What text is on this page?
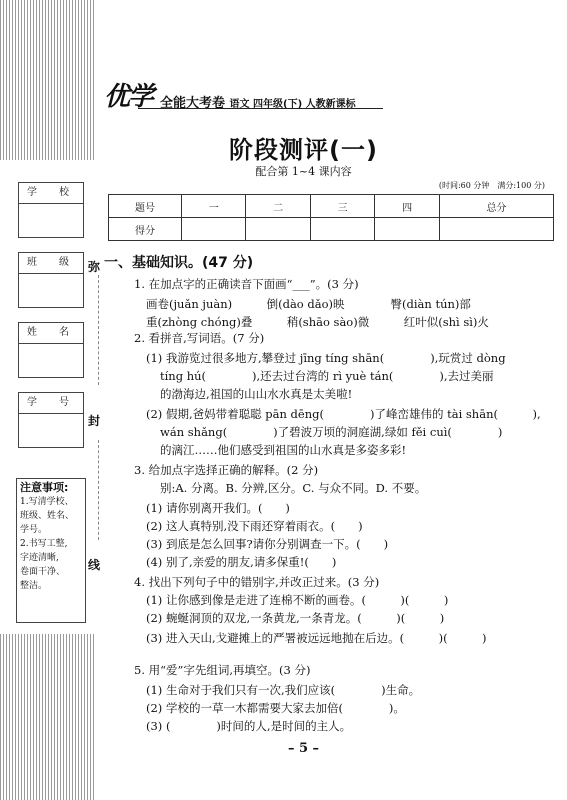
学　校
班　级
姓　名
学　号
注意事项:
1.写清学校、
班级、姓名、
学号。
2.书写工整,
字迹清晰,
卷面干净、
整洁。
弥
封
线
优学 全能大考卷 语文 四年级(下) 人教新课标
阶段测评(一)
配合第 1~4 课内容
(时间:60 分钟　满分:100 分)
题号	一	二	三	四	总分
得分					
一、基础知识。(47 分)
1. 在加点字的正确读音下面画“___”。(3 分)
画卷(juǎn juàn)　　　倒(dào dǎo)映　　　　臀(diàn tún)部
重(zhòng chóng)叠　　　稍(shāo sào)微　　　红叶似(shì sì)火
2. 看拼音,写词语。(7 分)
(1) 我游览过很多地方,攀登过 jīng tíng shān(　　　　),玩赏过 dòng
tíng hú(　　　　),还去过台湾的 rì yuè tán(　　　　),去过美丽
的渤海边,祖国的山山水水真是太美啦!
(2) 假期,爸妈带着聪聪 pān dēng(　　　　)了峰峦雄伟的 tài shān(　　　),
wán shǎng(　　　　)了碧波万顷的洞庭湖,绿如 fěi cuì(　　　　)
的漓江……他们感受到祖国的山水真是多姿多彩!
3. 给加点字选择正确的解释。(2 分)
别:A. 分离。B. 分辨,区分。C. 与众不同。D. 不要。
(1) 请你别离开我们。(　　)
(2) 这人真特别,没下雨还穿着雨衣。(　　)
(3) 到底是怎么回事?请你分别调查一下。(　　)
(4) 别了,亲爱的朋友,请多保重!(　　)
4. 找出下列句子中的错别字,并改正过来。(3 分)
(1) 让你感到像是走进了连棉不断的画卷。(　　　)(　　　)
(2) 蜿蜒洞顶的双龙,一条黄龙,一条青龙。(　　　)(　　　)
(3) 进入天山,戈避摊上的严署被远远地抛在后边。(　　　)(　　　)
5. 用“爱”字先组词,再填空。(3 分)
(1) 生命对于我们只有一次,我们应该(　　　　)生命。
(2) 学校的一草一木都需要大家去加倍(　　　　)。
(3) (　　　　)时间的人,是时间的主人。
– 5 –
